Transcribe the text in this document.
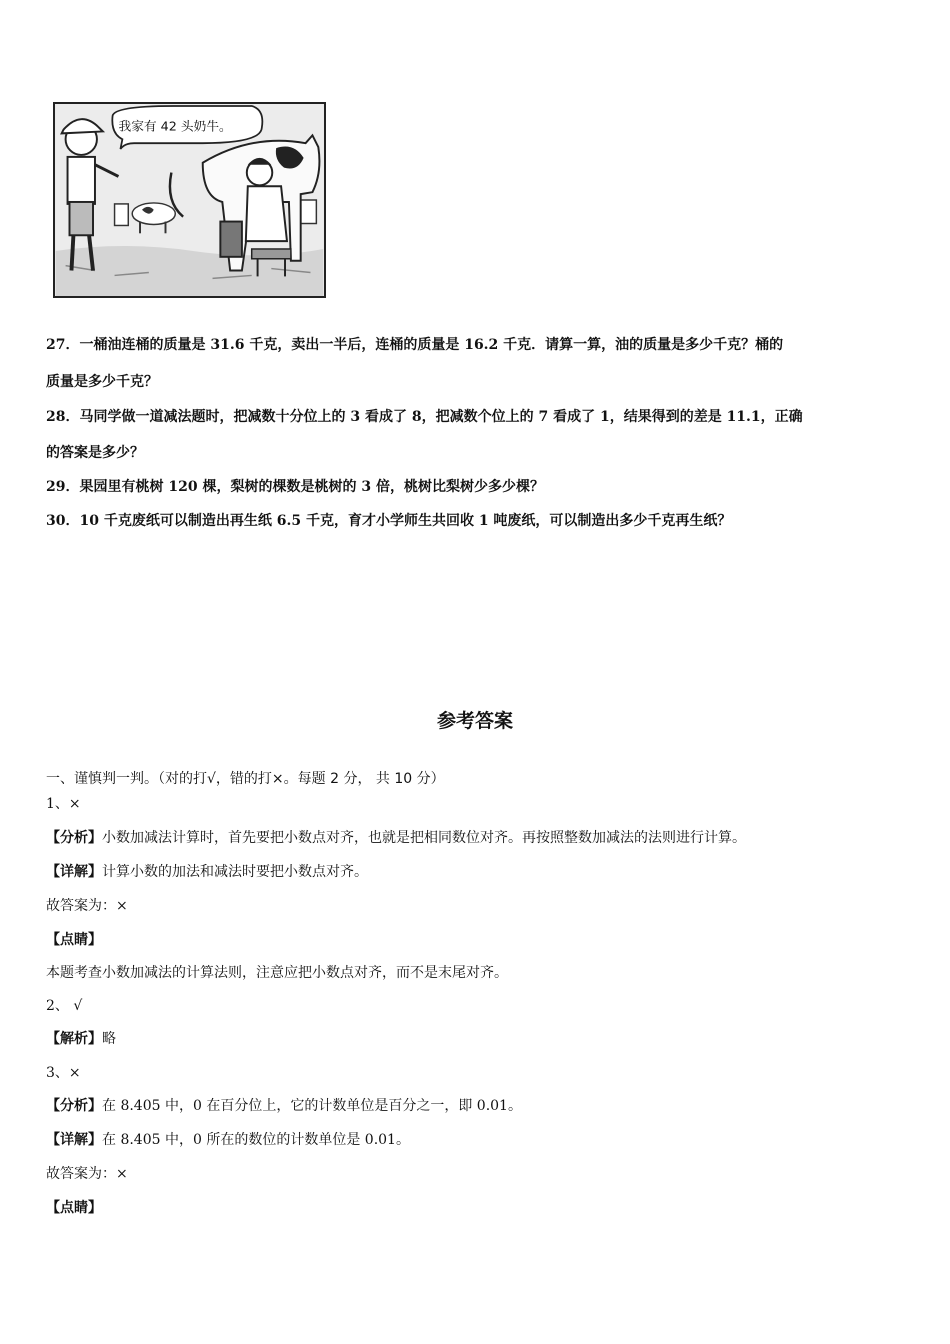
我家有 42 头奶牛。
27．一桶油连桶的质量是 31.6 千克，卖出一半后，连桶的质量是 16.2 千克．请算一算，油的质量是多少千克？桶的
质量是多少千克？
28．马同学做一道减法题时，把减数十分位上的 3 看成了 8，把减数个位上的 7 看成了 1，结果得到的差是 11.1，正确
的答案是多少？
29．果园里有桃树 120 棵，梨树的棵数是桃树的 3 倍，桃树比梨树少多少棵？
30．10 千克废纸可以制造出再生纸 6.5 千克，育才小学师生共回收 1 吨废纸，可以制造出多少千克再生纸？
参考答案
一、谨慎判一判。（对的打√，错的打×。每题 2 分， 共 10 分）
1、×
【分析】小数加减法计算时，首先要把小数点对齐，也就是把相同数位对齐。再按照整数加减法的法则进行计算。
【详解】计算小数的加法和减法时要把小数点对齐。
故答案为：×
【点睛】
本题考查小数加减法的计算法则，注意应把小数点对齐，而不是末尾对齐。
2、 √
【解析】略
3、×
【分析】在 8.405 中，0 在百分位上，它的计数单位是百分之一，即 0.01。
【详解】在 8.405 中，0 所在的数位的计数单位是 0.01。
故答案为：×
【点睛】
